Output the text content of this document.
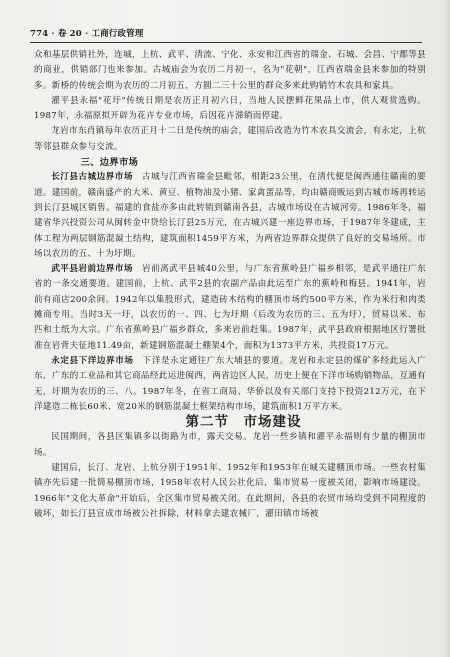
774 · 卷 20 · 工商行政管理

众和基层供销社外，连城，上杭、武平、清流、宁化、永安和江西省的瑞金、石城、会昌、宁都等县的商业，供销部门也来参加。古城庙会为农历二月初一，名为"花朝"，江西省瑞金县来参加的特别多。新桥的传统会期为农历的二月初五，方圆二三十公里的群众多来此购销竹木农具和家具。

濯平县永福"花圩"传统日期是农历正月初六日，当地人民摆鲜花果品上市，供人观赏选购。1987年，永福原拟开辟为花卉专业市场，后因花卉滞销而停建。

龙岩市东肖镇每年农历正月十二日是传统的庙会，建国后改造为竹木农具交流会，有永定，上杭等邻县群众参与交流。

三、边界市场

长汀县古城边界市场　 古城与江西省瑞金县毗邻，相距23公里，在清代便是闽西通往赣南的要道。建国前，赣南盛产的大米、黄豆、植物油及小猪、家禽蛋品等，均由赣商贩运到古城市场再转运到长汀县城区销售。福建的食盐亦多由此转销到赣南各县，古城市场设在古城河旁。1986年冬，福建省华兴投资公司从闽转金中贷给长汀县25万元，在古城兴建一座边界市场，于1987年冬建成，主体工程为两层钢筋混凝土结构，建筑面积1459平方米，为两省边界群众提供了良好的交易场所。市场以农历的五、十为圩期。

武平县岩前边界市场　 岩前离武平县城40公里，与广东省蕉岭县广福乡相邻，是武平通往广东省的一条交通要道。建国前，上杭、武平2县的农副产品由此运至广东的蕉岭和梅县。1941年，岩前有商店200余间。1942年以集股形式，建造砖木结构的棚顶市场约500平方米，作为米行和肉类摊商专用。当时3天一圩，以农历的一、四、七为圩期（后改为农历的三、五为圩），贸易以米、布匹和土纸为大宗。广东省蕉岭县广福乡群众，多来岩前赶集。1987年，武平县政府根据地区行署批准在岩背夫征地11.49亩，新建钢筋混凝土棚架4个，面积为1373平方米，共投资17万元。

永定县下洋边界市场　 下洋是永定通往广东大埔县的要道。龙岩和永定县的煤矿多经此运入广东，广东的工业品和其它商品经此运进闽西，两省边区人民，历史上便在下洋市场购销物品，互通有无，圩期为农历的三、八。1987年冬，在省工商局、华侨以及有关部门支持下投资212万元，在下洋建造二栋长60米、宽20米的钢筋混凝土框架结构市场，建筑面积1万平方米。

第二节　市场建设

民国期间，各县区集镇多以街路为市，露天交易。龙岩一些乡镇和濯平永福则有少量的棚顶市场。

建国后，长汀、龙岩、上杭分别于1951年、1952年和1953年在城关建棚顶市场。一些农村集镇亦先后建一批简易棚顶市场，1958年农村人民公社化后，集市贸易一度被关闭，影响市场建设。1966年"文化大革命"开始后，全区集市贸易被关闭。在此期间，各县的农贸市场均受到不同程度的破坏，如长汀县宣成市场被公社拆除，材料拿去建农械厂，濯田镇市场被
